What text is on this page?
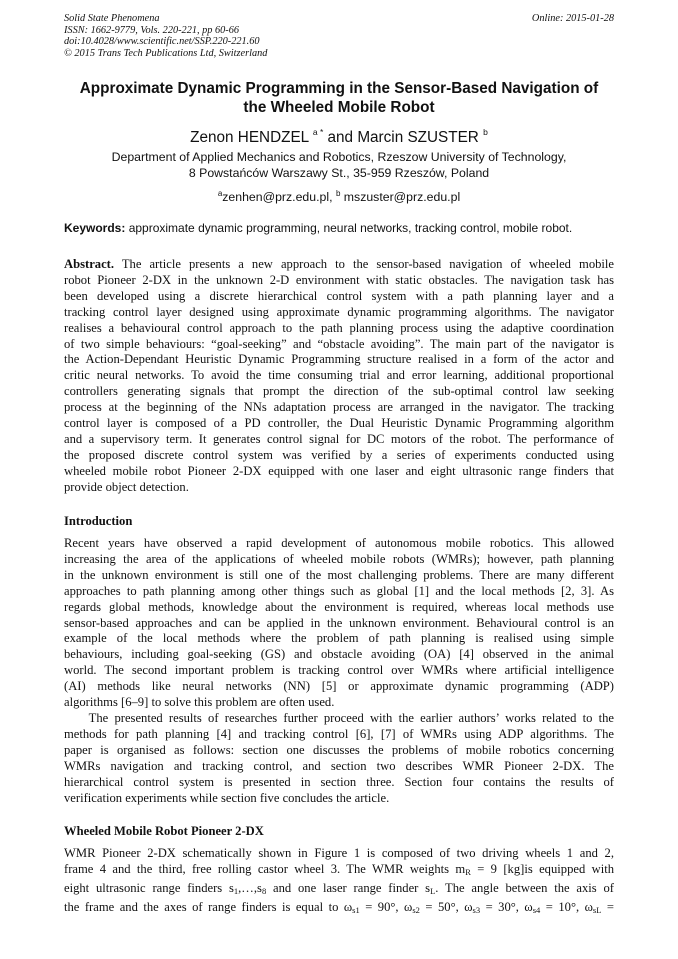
Solid State Phenomena
ISSN: 1662-9779, Vols. 220-221, pp 60-66
doi:10.4028/www.scientific.net/SSP.220-221.60
© 2015 Trans Tech Publications Ltd, Switzerland
Online: 2015-01-28
Approximate Dynamic Programming in the Sensor-Based Navigation of
the Wheeled Mobile Robot
Zenon HENDZEL $^{a *}$ and Marcin SZUSTER $^b$
Department of Applied Mechanics and Robotics, Rzeszow University of Technology,
8 Powstańców Warszawy St., 35-959 Rzeszów, Poland
$^a$zenhen@prz.edu.pl, $^b$ mszuster@prz.edu.pl
Keywords: approximate dynamic programming, neural networks, tracking control, mobile robot.
Abstract. The article presents a new approach to the sensor-based navigation of wheeled mobile
robot Pioneer 2-DX in the unknown 2-D environment with static obstacles. The navigation task has
been developed using a discrete hierarchical control system with a path planning layer and a
tracking control layer designed using approximate dynamic programming algorithms. The navigator
realises a behavioural control approach to the path planning process using the adaptive coordination
of two simple behaviours: “goal-seeking” and “obstacle avoiding”. The main part of the navigator is
the Action-Dependant Heuristic Dynamic Programming structure realised in a form of the actor and
critic neural networks. To avoid the time consuming trial and error learning, additional proportional
controllers generating signals that prompt the direction of the sub-optimal control law seeking
process at the beginning of the NNs adaptation process are arranged in the navigator. The tracking
control layer is composed of a PD controller, the Dual Heuristic Dynamic Programming algorithm
and a supervisory term. It generates control signal for DC motors of the robot. The performance of
the proposed discrete control system was verified by a series of experiments conducted using
wheeled mobile robot Pioneer 2-DX equipped with one laser and eight ultrasonic range finders that
provide object detection.
Introduction
Recent years have observed a rapid development of autonomous mobile robotics. This allowed
increasing the area of the applications of wheeled mobile robots (WMRs); however, path planning
in the unknown environment is still one of the most challenging problems. There are many different
approaches to path planning among other things such as global [1] and the local methods [2, 3]. As
regards global methods, knowledge about the environment is required, whereas local methods use
sensor-based approaches and can be applied in the unknown environment. Behavioural control is an
example of the local methods where the problem of path planning is realised using simple
behaviours, including goal-seeking (GS) and obstacle avoiding (OA) [4] observed in the animal
world. The second important problem is tracking control over WMRs where artificial intelligence
(AI) methods like neural networks (NN) [5] or approximate dynamic programming (ADP)
algorithms [6–9] to solve this problem are often used.
The presented results of researches further proceed with the earlier authors’ works related to the
methods for path planning [4] and tracking control [6], [7] of WMRs using ADP algorithms. The
paper is organised as follows: section one discusses the problems of mobile robotics concerning
WMRs navigation and tracking control, and section two describes WMR Pioneer 2-DX. The
hierarchical control system is presented in section three. Section four contains the results of
verification experiments while section five concludes the article.
Wheeled Mobile Robot Pioneer 2-DX
WMR Pioneer 2-DX schematically shown in Figure 1 is composed of two driving wheels 1 and 2,
frame 4 and the third, free rolling castor wheel 3. The WMR weights $m_R = 9$ [kg]is equipped with
eight ultrasonic range finders $s_1,\dots,s_8$ and one laser range finder $s_L$. The angle between the axis of
the frame and the axes of range finders is equal to $\omega_{s1} = 90^\circ$, $\omega_{s2} = 50^\circ$, $\omega_{s3} = 30^\circ$, $\omega_{s4} = 10^\circ$, $\omega_{sL}$ =
